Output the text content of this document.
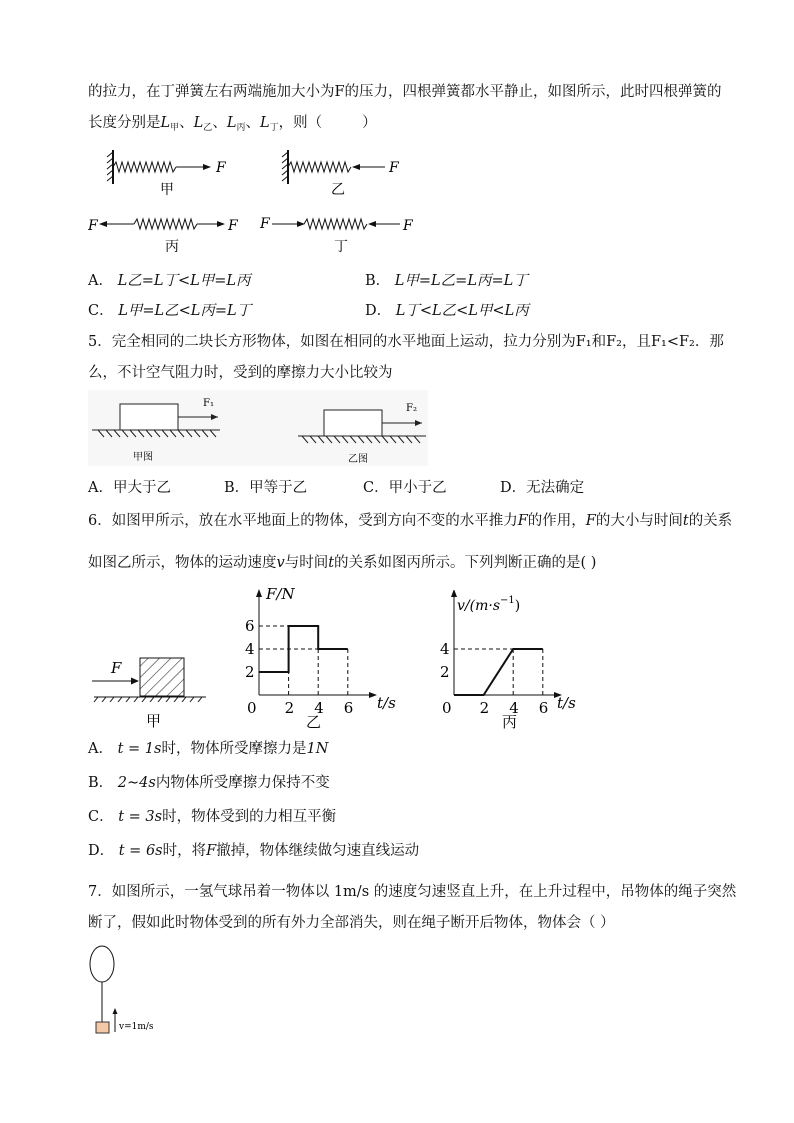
的拉力，在丁弹簧左右两端施加大小为F的压力，四根弹簧都水平静止，如图所示，此时四根弹簧的
长度分别是$L_甲$、$L_乙$、$L_丙$、$L_丁$，则（	）
F
甲
F
乙
F	F
丙
F	F
丁
A． L乙=L丁<L甲=L丙	B． L甲=L乙=L丙=L丁
C． L甲=L乙<L丙=L丁	D． L丁<L乙<L甲<L丙
5．完全相同的二块长方形物体，如图在相同的水平地面上运动，拉力分别为F₁和F₂，且F₁<F₂．那
么，不计空气阻力时，受到的摩擦力大小比较为
F₁
甲图
F₂
乙图
A．甲大于乙	B．甲等于乙	C．甲小于乙	D．无法确定
6．如图甲所示，放在水平地面上的物体，受到方向不变的水平推力F的作用，F的大小与时间t的关系
如图乙所示，物体的运动速度v与时间t的关系如图丙所示。下列判断正确的是( )
F
甲
F/N
t/s
乙
6
4
2
0 2 4 6
$v/(m\cdot s^{-1})$
t/s
丙
4
2
0 2 4 6
A． t = 1s时，物体所受摩擦力是1N
B． 2∼4s内物体所受摩擦力保持不变
C． t = 3s时，物体受到的力相互平衡
D． t = 6s时，将F撤掉，物体继续做匀速直线运动
7．如图所示，一氢气球吊着一物体以 1m/s 的速度匀速竖直上升，在上升过程中，吊物体的绳子突然
断了，假如此时物体受到的所有外力全部消失，则在绳子断开后物体，物体会（ ）
v=1m/s
